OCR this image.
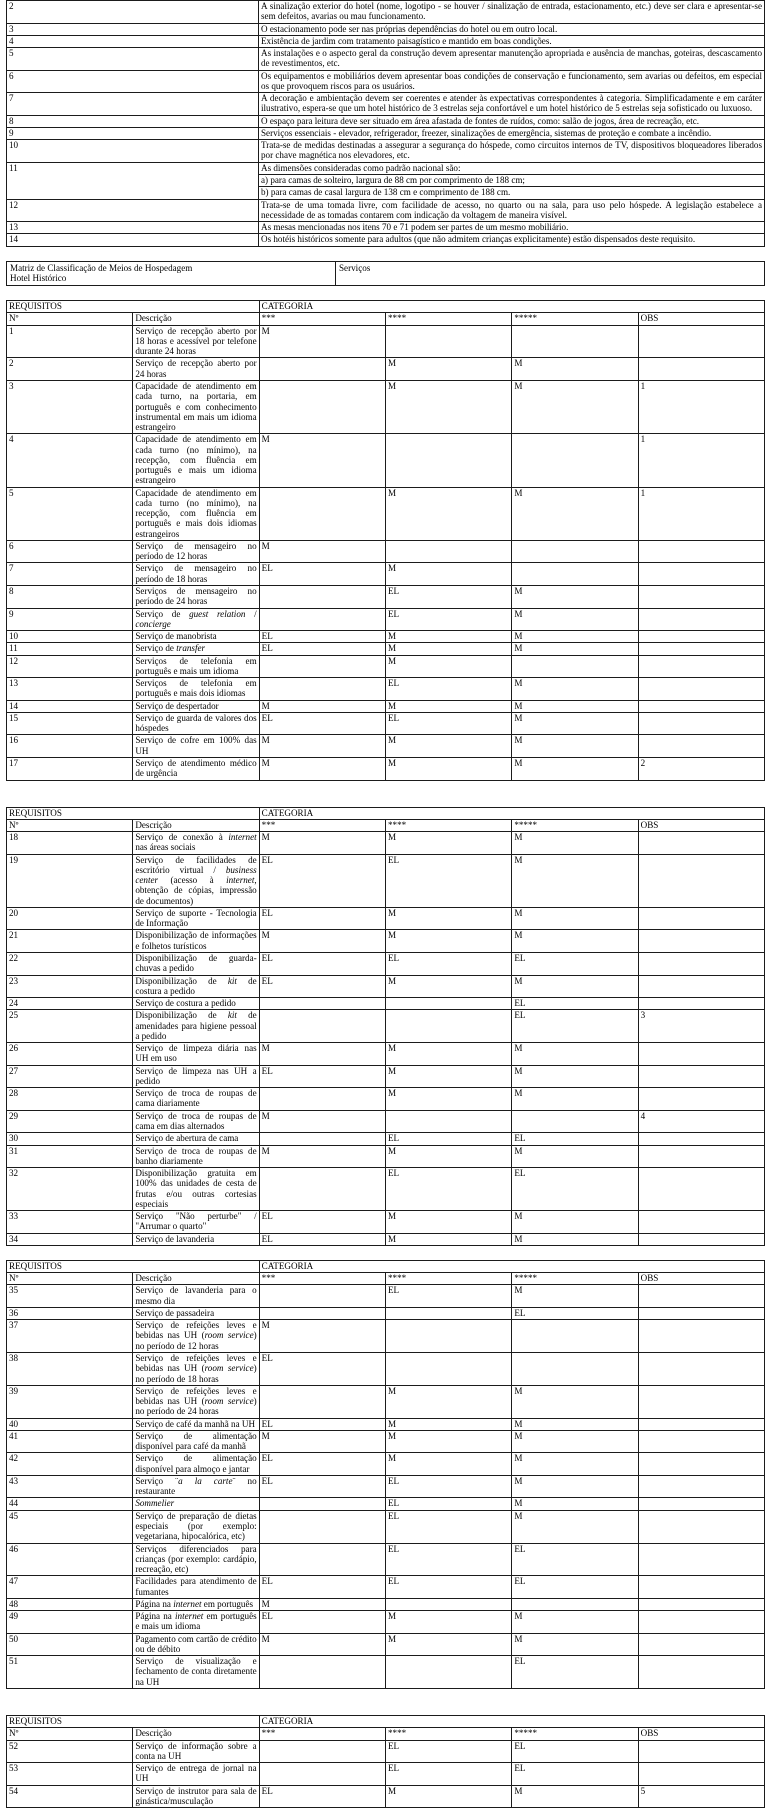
2	A sinalização exterior do hotel (nome, logotipo - se houver / sinalização de entrada, estacionamento, etc.) deve ser clara e apresentar-se sem defeitos, avarias ou mau funcionamento.
3	O estacionamento pode ser nas próprias dependências do hotel ou em outro local.
4	Existência de jardim com tratamento paisagístico e mantido em boas condições.
5	As instalações e o aspecto geral da construção devem apresentar manutenção apropriada e ausência de manchas, goteiras, descascamento de revestimentos, etc.
6	Os equipamentos e mobiliários devem apresentar boas condições de conservação e funcionamento, sem avarias ou defeitos, em especial os que provoquem riscos para os usuários.
7	A decoração e ambientação devem ser coerentes e atender às expectativas correspondentes à categoria. Simplificadamente e em caráter ilustrativo, espera-se que um hotel histórico de 3 estrelas seja confortável e um hotel histórico de 5 estrelas seja sofisticado ou luxuoso.
8	O espaço para leitura deve ser situado em área afastada de fontes de ruídos, como: salão de jogos, área de recreação, etc.
9	Serviços essenciais - elevador, refrigerador, freezer, sinalizações de emergência, sistemas de proteção e combate a incêndio.
10	Trata-se de medidas destinadas a assegurar a segurança do hóspede, como circuitos internos de TV, dispositivos bloqueadores liberados por chave magnética nos elevadores, etc.
11	As dimensões consideradas como padrão nacional são:
	a) para camas de solteiro, largura de 88 cm por comprimento de 188 cm;
	b) para camas de casal largura de 138 cm e comprimento de 188 cm.
12	Trata-se de uma tomada livre, com facilidade de acesso, no quarto ou na sala, para uso pelo hóspede. A legislação estabelece a necessidade de as tomadas contarem com indicação da voltagem de maneira visível.
13	As mesas mencionadas nos itens 70 e 71 podem ser partes de um mesmo mobiliário.
14	Os hotéis históricos somente para adultos (que não admitem crianças explicitamente) estão dispensados deste requisito.
Matriz de Classificação de Meios de Hospedagem
Hotel Histórico
	Serviços
REQUISITOS		CATEGORIA			
Nº	Descrição	***	****	*****	OBS
1	Serviço de recepção aberto por 18 horas e acessível por telefone durante 24 horas	M			
2	Serviço de recepção aberto por 24 horas		M	M	
3	Capacidade de atendimento em cada turno, na portaria, em português e com conhecimento instrumental em mais um idioma estrangeiro		M	M	1
4	Capacidade de atendimento em cada turno (no mínimo), na recepção, com fluência em português e mais um idioma estrangeiro	M			1
5	Capacidade de atendimento em cada turno (no mínimo), na recepção, com fluência em português e mais dois idiomas estrangeiros		M	M	1
6	Serviço de mensageiro no período de 12 horas	M			
7	Serviço de mensageiro no período de 18 horas	EL	M		
8	Serviços de mensageiro no período de 24 horas		EL	M	
9	Serviço de guest relation / concierge		EL	M	
10	Serviço de manobrista	EL	M	M	
11	Serviço de transfer	EL	M	M	
12	Serviços de telefonia em português e mais um idioma		M		
13	Serviços de telefonia em português e mais dois idiomas		EL	M	
14	Serviço de despertador	M	M	M	
15	Serviço de guarda de valores dos hóspedes	EL	EL	M	
16	Serviço de cofre em 100% das UH	M	M	M	
17	Serviço de atendimento médico de urgência	M	M	M	2
REQUISITOS		CATEGORIA			
Nº	Descrição	***	****	*****	OBS
18	Serviço de conexão à internet nas áreas sociais	M	M	M	
19	Serviço de facilidades de escritório virtual / business center (acesso à internet, obtenção de cópias, impressão de documentos)	EL	EL	M	
20	Serviço de suporte - Tecnologia de Informação	EL	M	M	
21	Disponibilização de informações e folhetos turísticos	M	M	M	
22	Disponibilização de guarda-chuvas a pedido	EL	EL	EL	
23	Disponibilização de kit de costura a pedido	EL	M	M	
24	Serviço de costura a pedido			EL	
25	Disponibilização de kit de amenidades para higiene pessoal a pedido			EL	3
26	Serviço de limpeza diária nas UH em uso	M	M	M	
27	Serviço de limpeza nas UH a pedido	EL	M	M	
28	Serviço de troca de roupas de cama diariamente		M	M	
29	Serviço de troca de roupas de cama em dias alternados	M			4
30	Serviço de abertura de cama		EL	EL	
31	Serviço de troca de roupas de banho diariamente	M	M	M	
32	Disponibilização gratuita em 100% das unidades de cesta de frutas e/ou outras cortesias especiais		EL	EL	
33	Serviço "Não perturbe" / "Arrumar o quarto"	EL	M	M	
34	Serviço de lavanderia	EL	M	M	
REQUISITOS		CATEGORIA			
Nº	Descrição	***	****	*****	OBS
35	Serviço de lavanderia para o mesmo dia		EL	M	
36	Serviço de passadeira			EL	
37	Serviço de refeições leves e bebidas nas UH (room service) no período de 12 horas	M			
38	Serviço de refeições leves e bebidas nas UH (room service) no período de 18 horas	EL			
39	Serviço de refeições leves e bebidas nas UH (room service) no período de 24 horas		M	M	
40	Serviço de café da manhã na UH	EL	M	M	
41	Serviço de alimentação disponível para café da manhã	M	M	M	
42	Serviço de alimentação disponível para almoço e jantar	EL	M	M	
43	Serviço ¨a la carte¨ no restaurante	EL	EL	M	
44	Sommelier		EL	M	
45	Serviço de preparação de dietas especiais (por exemplo: vegetariana, hipocalórica, etc)		EL	M	
46	Serviços diferenciados para crianças (por exemplo: cardápio, recreação, etc)		EL	EL	
47	Facilidades para atendimento de fumantes	EL	EL	EL	
48	Página na internet em português	M			
49	Página na internet em português e mais um idioma	EL	M	M	
50	Pagamento com cartão de crédito ou de débito	M	M	M	
51	Serviço de visualização e fechamento de conta diretamente na UH			EL	
REQUISITOS		CATEGORIA			
Nº	Descrição	***	****	*****	OBS
52	Serviço de informação sobre a conta na UH		EL	EL	
53	Serviço de entrega de jornal na UH		EL	EL	
54	Serviço de instrutor para sala de ginástica/musculação	EL	M	M	5
